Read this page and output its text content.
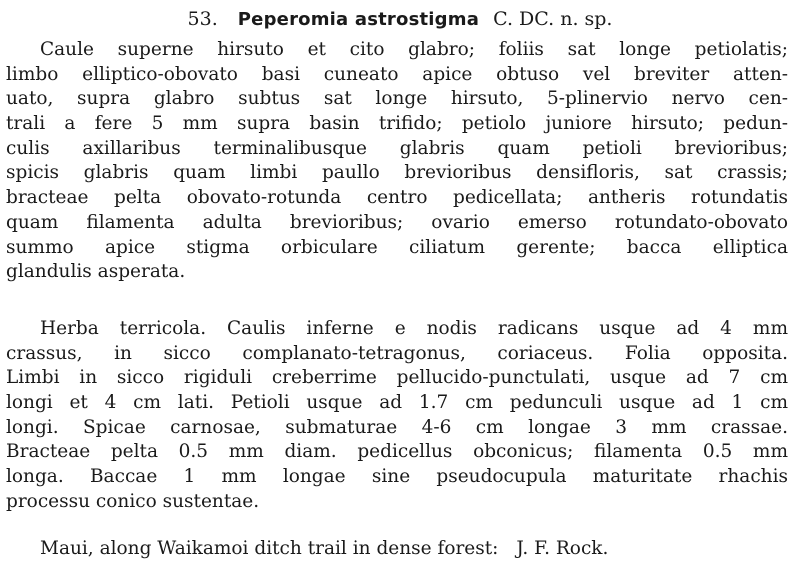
53. Peperomia astrostigma C. DC. n. sp.
Caule superne hirsuto et cito glabro; foliis sat longe petiolatis;
limbo elliptico-obovato basi cuneato apice obtuso vel breviter atten-
uato, supra glabro subtus sat longe hirsuto, 5-plinervio nervo cen-
trali a fere 5 mm supra basin trifido; petiolo juniore hirsuto; pedun-
culis axillaribus terminalibusque glabris quam petioli brevioribus;
spicis glabris quam limbi paullo brevioribus densifloris, sat crassis;
bracteae pelta obovato-rotunda centro pedicellata; antheris rotundatis
quam filamenta adulta brevioribus; ovario emerso rotundato-obovato
summo apice stigma orbiculare ciliatum gerente; bacca elliptica
glandulis asperata.
Herba terricola. Caulis inferne e nodis radicans usque ad 4 mm
crassus, in sicco complanato-tetragonus, coriaceus. Folia opposita.
Limbi in sicco rigiduli creberrime pellucido-punctulati, usque ad 7 cm
longi et 4 cm lati. Petioli usque ad 1.7 cm pedunculi usque ad 1 cm
longi. Spicae carnosae, submaturae 4-6 cm longae 3 mm crassae.
Bracteae pelta 0.5 mm diam. pedicellus obconicus; filamenta 0.5 mm
longa. Baccae 1 mm longae sine pseudocupula maturitate rhachis
processu conico sustentae.
Maui, along Waikamoi ditch trail in dense forest: J. F. Rock.
